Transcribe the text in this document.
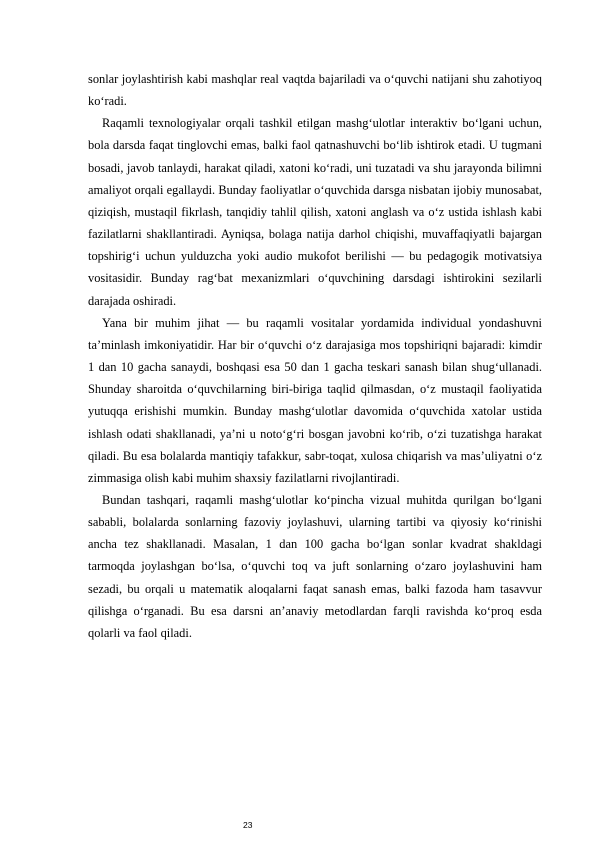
sonlar joylashtirish kabi mashqlar real vaqtda bajariladi va o‘quvchi natijani shu zahotiyoq ko‘radi.

Raqamli texnologiyalar orqali tashkil etilgan mashg‘ulotlar interaktiv bo‘lgani uchun, bola darsda faqat tinglovchi emas, balki faol qatnashuvchi bo‘lib ishtirok etadi. U tugmani bosadi, javob tanlaydi, harakat qiladi, xatoni ko‘radi, uni tuzatadi va shu jarayonda bilimni amaliyot orqali egallaydi. Bunday faoliyatlar o‘quvchida darsga nisbatan ijobiy munosabat, qiziqish, mustaqil fikrlash, tanqidiy tahlil qilish, xatoni anglash va o‘z ustida ishlash kabi fazilatlarni shakllantiradi. Ayniqsa, bolaga natija darhol chiqishi, muvaffaqiyatli bajargan topshirig‘i uchun yulduzcha yoki audio mukofot berilishi — bu pedagogik motivatsiya vositasidir. Bunday rag‘bat mexanizmlari o‘quvchining darsdagi ishtirokini sezilarli darajada oshiradi.

Yana bir muhim jihat — bu raqamli vositalar yordamida individual yondashuvni ta’minlash imkoniyatidir. Har bir o‘quvchi o‘z darajasiga mos topshiriqni bajaradi: kimdir 1 dan 10 gacha sanaydi, boshqasi esa 50 dan 1 gacha teskari sanash bilan shug‘ullanadi. Shunday sharoitda o‘quvchilarning biri-biriga taqlid qilmasdan, o‘z mustaqil faoliyatida yutuqqa erishishi mumkin. Bunday mashg‘ulotlar davomida o‘quvchida xatolar ustida ishlash odati shakllanadi, ya’ni u noto‘g‘ri bosgan javobni ko‘rib, o‘zi tuzatishga harakat qiladi. Bu esa bolalarda mantiqiy tafakkur, sabr-toqat, xulosa chiqarish va mas’uliyatni o‘z zimmasiga olish kabi muhim shaxsiy fazilatlarni rivojlantiradi.

Bundan tashqari, raqamli mashg‘ulotlar ko‘pincha vizual muhitda qurilgan bo‘lgani sababli, bolalarda sonlarning fazoviy joylashuvi, ularning tartibi va qiyosiy ko‘rinishi ancha tez shakllanadi. Masalan, 1 dan 100 gacha bo‘lgan sonlar kvadrat shakldagi tarmoqda joylashgan bo‘lsa, o‘quvchi toq va juft sonlarning o‘zaro joylashuvini ham sezadi, bu orqali u matematik aloqalarni faqat sanash emas, balki fazoda ham tasavvur qilishga o‘rganadi. Bu esa darsni an’anaviy metodlardan farqli ravishda ko‘proq esda qolarli va faol qiladi.

23
